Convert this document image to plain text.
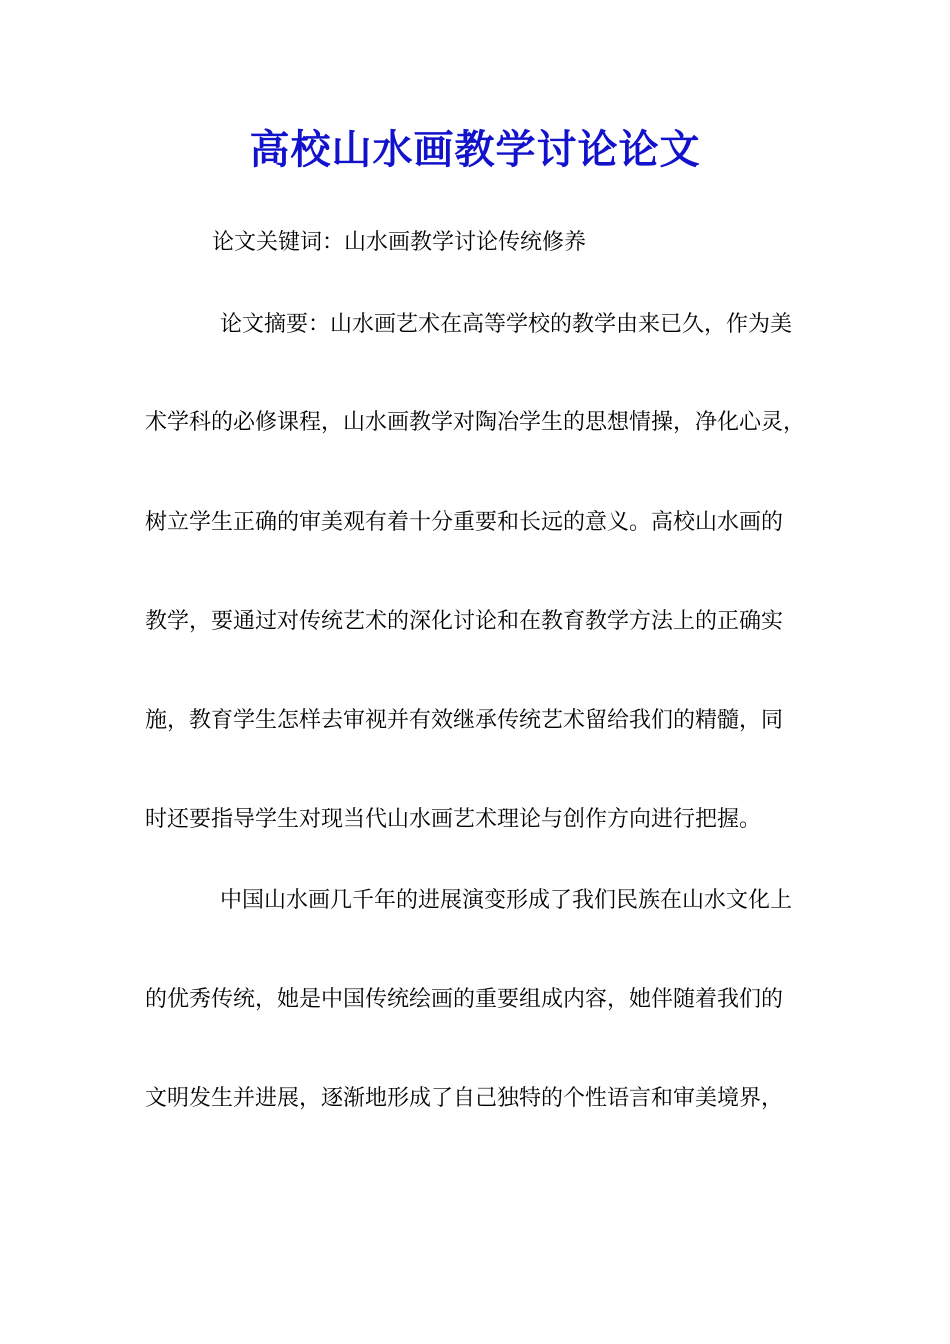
高校山水画教学讨论论文
论文关键词：山水画教学讨论传统修养
论文摘要：山水画艺术在高等学校的教学由来已久，作为美
术学科的必修课程，山水画教学对陶冶学生的思想情操，净化心灵，
树立学生正确的审美观有着十分重要和长远的意义。高校山水画的
教学，要通过对传统艺术的深化讨论和在教育教学方法上的正确实
施，教育学生怎样去审视并有效继承传统艺术留给我们的精髓，同
时还要指导学生对现当代山水画艺术理论与创作方向进行把握。
中国山水画几千年的进展演变形成了我们民族在山水文化上
的优秀传统，她是中国传统绘画的重要组成内容，她伴随着我们的
文明发生并进展，逐渐地形成了自己独特的个性语言和审美境界，
